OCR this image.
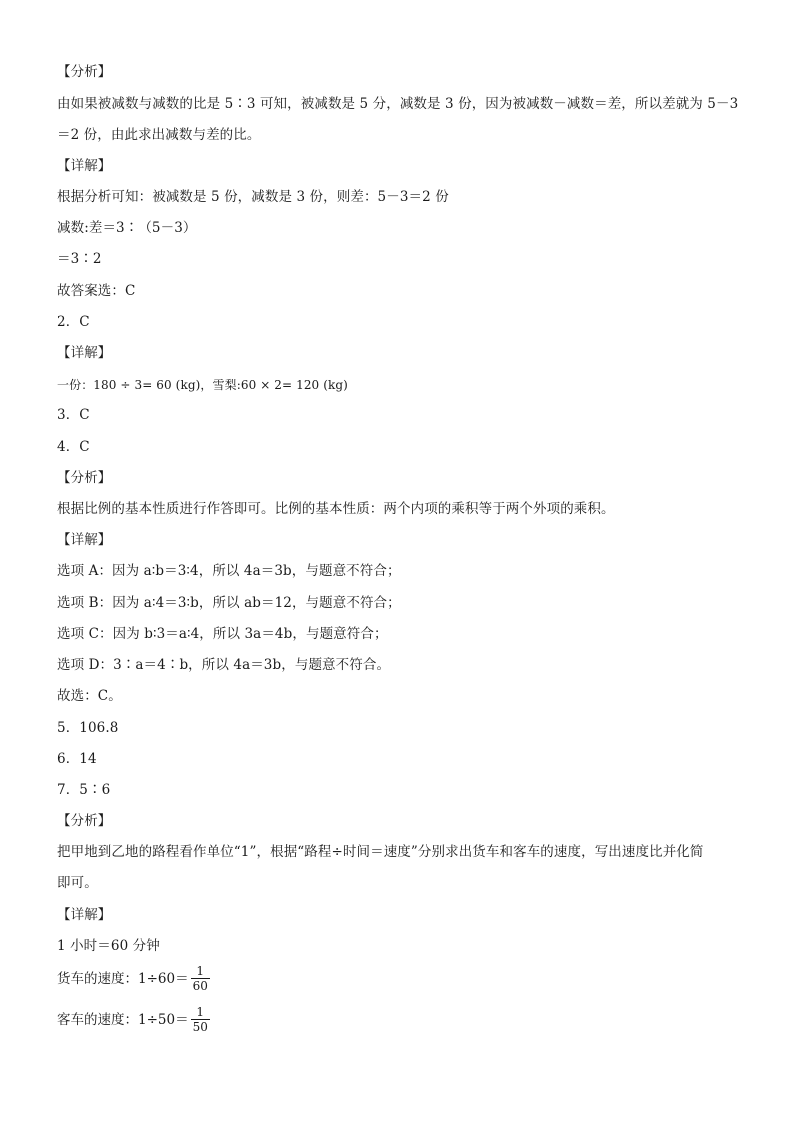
【分析】
由如果被减数与减数的比是 5∶3 可知，被减数是 5 分，减数是 3 份，因为被减数－减数＝差，所以差就为 5－3
＝2 份，由此求出减数与差的比。
【详解】
根据分析可知：被减数是 5 份，减数是 3 份，则差：5－3＝2 份
减数:差＝3∶（5－3）
＝3∶2
故答案选：C
2．C
【详解】
一份：180 ÷ 3= 60 (kg)，雪梨:60 × 2= 120 (kg)
3．C
4．C
【分析】
根据比例的基本性质进行作答即可。比例的基本性质：两个内项的乘积等于两个外项的乘积。
【详解】
选项 A：因为 a∶b＝3∶4，所以 4a＝3b，与题意不符合；
选项 B：因为 a∶4＝3∶b，所以 ab＝12，与题意不符合；
选项 C：因为 b∶3＝a∶4，所以 3a＝4b，与题意符合；
选项 D：3∶a＝4∶b，所以 4a＝3b，与题意不符合。
故选：C。
5．106.8
6．14
7．5∶6
【分析】
把甲地到乙地的路程看作单位“1”，根据“路程÷时间＝速度”分别求出货车和客车的速度，写出速度比并化简
即可。
【详解】
1 小时＝60 分钟
货车的速度：$1\div 60= \frac{1}{60}$
客车的速度：$1\div 50= \frac{1}{50}$
